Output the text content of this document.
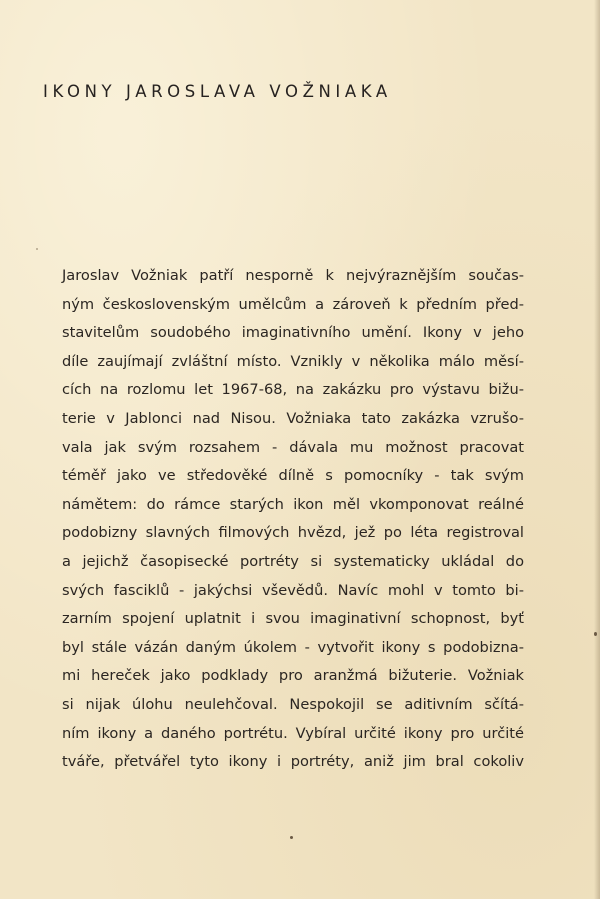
IKONY JAROSLAVA VOŽNIAKA
Jaroslav Vožniak patří nesporně k nejvýraznějším součas-
ným československým umělcům a zároveň k předním před-
stavitelům soudobého imaginativního umění. Ikony v jeho
díle zaujímají zvláštní místo. Vznikly v několika málo měsí-
cích na rozlomu let 1967-68, na zakázku pro výstavu bižu-
terie v Jablonci nad Nisou. Vožniaka tato zakázka vzrušo-
vala jak svým rozsahem - dávala mu možnost pracovat
téměř jako ve středověké dílně s pomocníky - tak svým
námětem: do rámce starých ikon měl vkomponovat reálné
podobizny slavných filmových hvězd, jež po léta registroval
a jejichž časopisecké portréty si systematicky ukládal do
svých fasciklů - jakýchsi vševědů. Navíc mohl v tomto bi-
zarním spojení uplatnit i svou imaginativní schopnost, byť
byl stále vázán daným úkolem - vytvořit ikony s podobizna-
mi herеček jako podklady pro aranžmá bižuterie. Vožniak
si nijak úlohu neulehčoval. Nespokojil se aditivním sčítá-
ním ikony a daného portrétu. Vybíral určité ikony pro určité
tváře, přetvářel tyto ikony i portréty, aniž jim bral cokoliv
